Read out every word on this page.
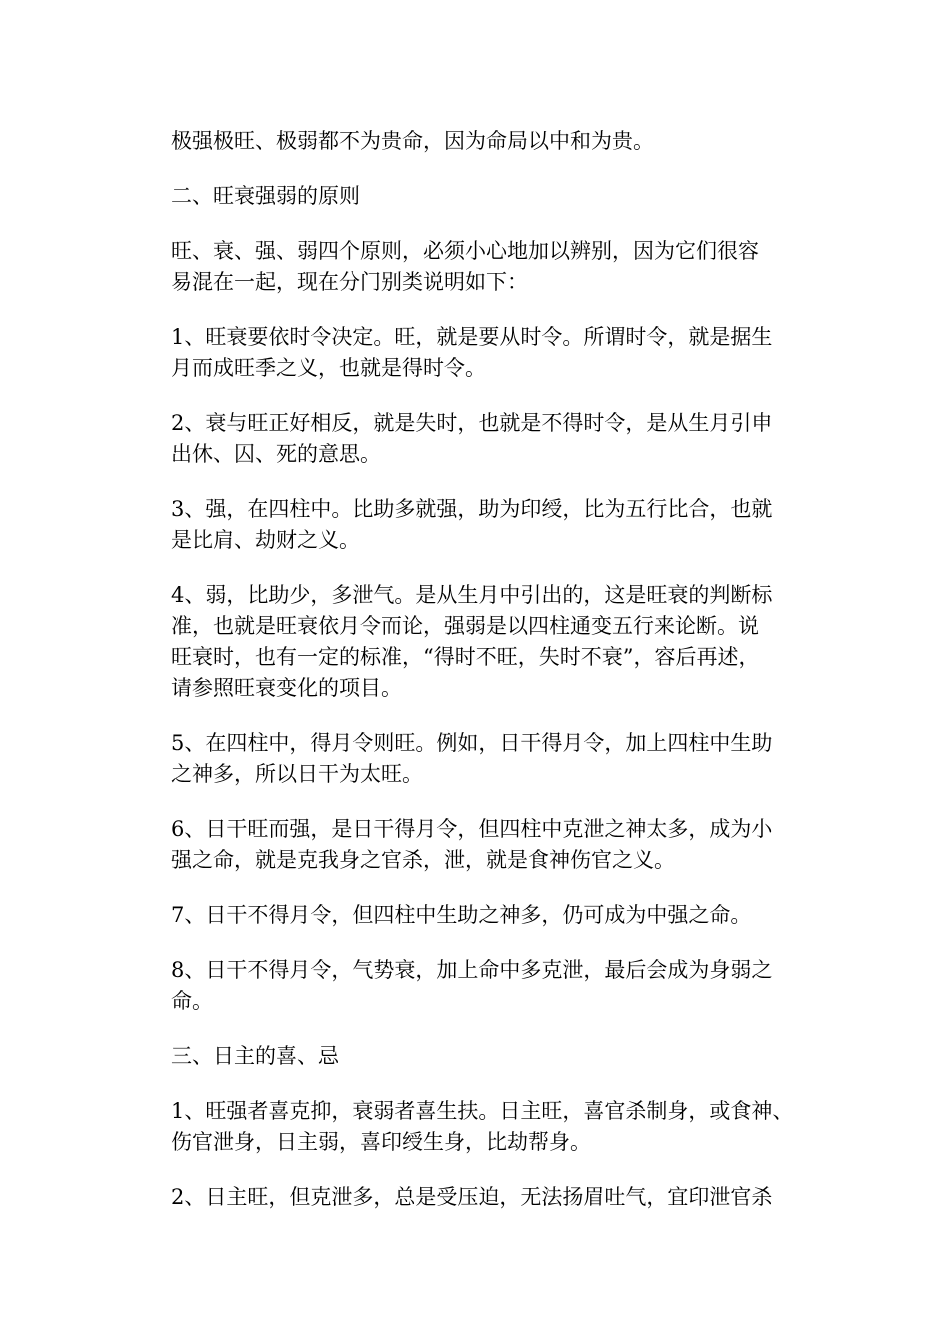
极强极旺、极弱都不为贵命，因为命局以中和为贵。

二、旺衰强弱的原则

旺、衰、强、弱四个原则，必须小心地加以辨别，因为它们很容
易混在一起，现在分门别类说明如下：

1、旺衰要依时令决定。旺，就是要从时令。所谓时令，就是据生
月而成旺季之义，也就是得时令。

2、衰与旺正好相反，就是失时，也就是不得时令，是从生月引申
出休、囚、死的意思。

3、强，在四柱中。比助多就强，助为印绶，比为五行比合，也就
是比肩、劫财之义。

4、弱，比助少，多泄气。是从生月中引出的，这是旺衰的判断标
准，也就是旺衰依月令而论，强弱是以四柱通变五行来论断。说
旺衰时，也有一定的标准，“得时不旺，失时不衰”，容后再述，
请参照旺衰变化的项目。

5、在四柱中，得月令则旺。例如，日干得月令，加上四柱中生助
之神多，所以日干为太旺。

6、日干旺而强，是日干得月令，但四柱中克泄之神太多，成为小
强之命，就是克我身之官杀，泄，就是食神伤官之义。

7、日干不得月令，但四柱中生助之神多，仍可成为中强之命。

8、日干不得月令，气势衰，加上命中多克泄，最后会成为身弱之
命。

三、日主的喜、忌

1、旺强者喜克抑，衰弱者喜生扶。日主旺，喜官杀制身，或食神、
伤官泄身，日主弱，喜印绶生身，比劫帮身。

2、日主旺，但克泄多，总是受压迫，无法扬眉吐气，宜印泄官杀
